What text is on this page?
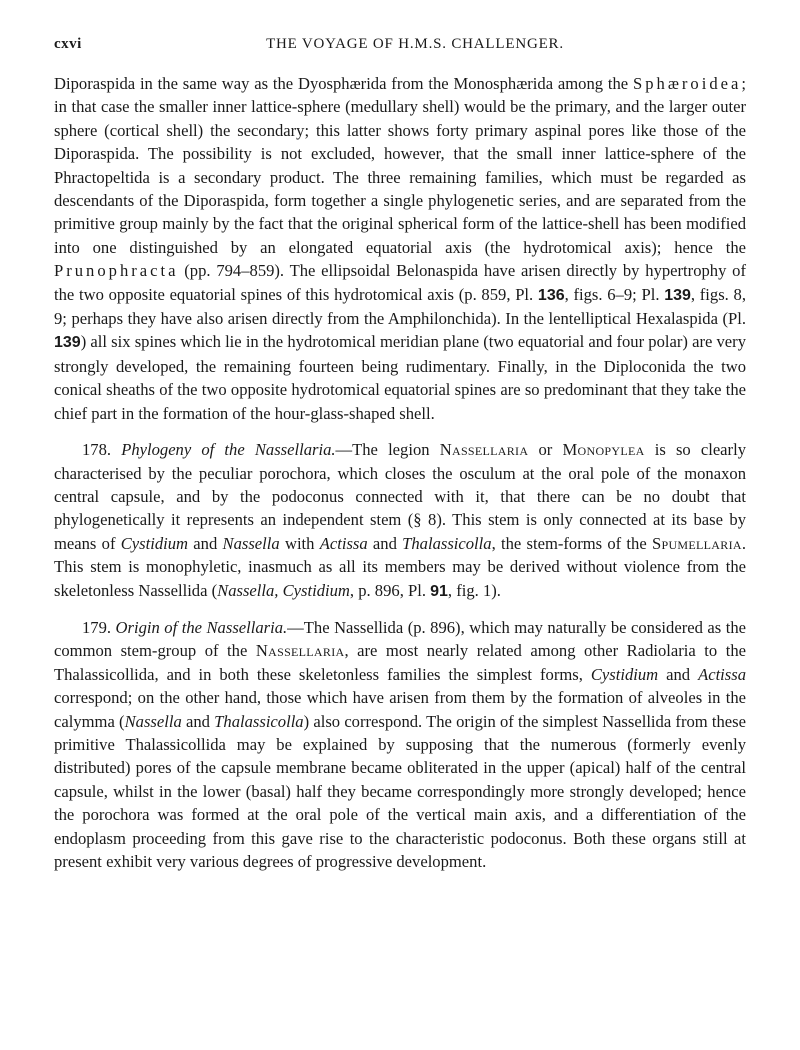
cxvi	THE VOYAGE OF H.M.S. CHALLENGER.

Diporaspida in the same way as the Dyosphærida from the Monosphærida among the Sphæroidea; in that case the smaller inner lattice-sphere (medullary shell) would be the primary, and the larger outer sphere (cortical shell) the secondary; this latter shows forty primary aspinal pores like those of the Diporaspida. The possibility is not excluded, however, that the small inner lattice-sphere of the Phractopeltida is a secondary product. The three remaining families, which must be regarded as descendants of the Diporaspida, form together a single phylogenetic series, and are separated from the primitive group mainly by the fact that the original spherical form of the lattice-shell has been modified into one distinguished by an elongated equatorial axis (the hydrotomical axis); hence the Prunophracta (pp. 794–859). The ellipsoidal Belonaspida have arisen directly by hypertrophy of the two opposite equatorial spines of this hydrotomical axis (p. 859, Pl. 136, figs. 6–9; Pl. 139, figs. 8, 9; perhaps they have also arisen directly from the Amphilonchida). In the lentelliptical Hexalaspida (Pl. 139) all six spines which lie in the hydrotomical meridian plane (two equatorial and four polar) are very strongly developed, the remaining fourteen being rudimentary. Finally, in the Diploconida the two conical sheaths of the two opposite hydrotomical equatorial spines are so predominant that they take the chief part in the formation of the hour-glass-shaped shell.

178. Phylogeny of the Nassellaria.—The legion Nassellaria or Monopylea is so clearly characterised by the peculiar porochora, which closes the osculum at the oral pole of the monaxon central capsule, and by the podoconus connected with it, that there can be no doubt that phylogenetically it represents an independent stem (§ 8). This stem is only connected at its base by means of Cystidium and Nassella with Actissa and Thalassicolla, the stem-forms of the Spumellaria. This stem is monophyletic, inasmuch as all its members may be derived without violence from the skeletonless Nassellida (Nassella, Cystidium, p. 896, Pl. 91, fig. 1).

179. Origin of the Nassellaria.—The Nassellida (p. 896), which may naturally be considered as the common stem-group of the Nassellaria, are most nearly related among other Radiolaria to the Thalassicollida, and in both these skeletonless families the simplest forms, Cystidium and Actissa correspond; on the other hand, those which have arisen from them by the formation of alveoles in the calymma (Nassella and Thalassicolla) also correspond. The origin of the simplest Nassellida from these primitive Thalassicollida may be explained by supposing that the numerous (formerly evenly distributed) pores of the capsule membrane became obliterated in the upper (apical) half of the central capsule, whilst in the lower (basal) half they became correspondingly more strongly developed; hence the porochora was formed at the oral pole of the vertical main axis, and a differentiation of the endoplasm proceeding from this gave rise to the characteristic podoconus. Both these organs still at present exhibit very various degrees of progressive development.
